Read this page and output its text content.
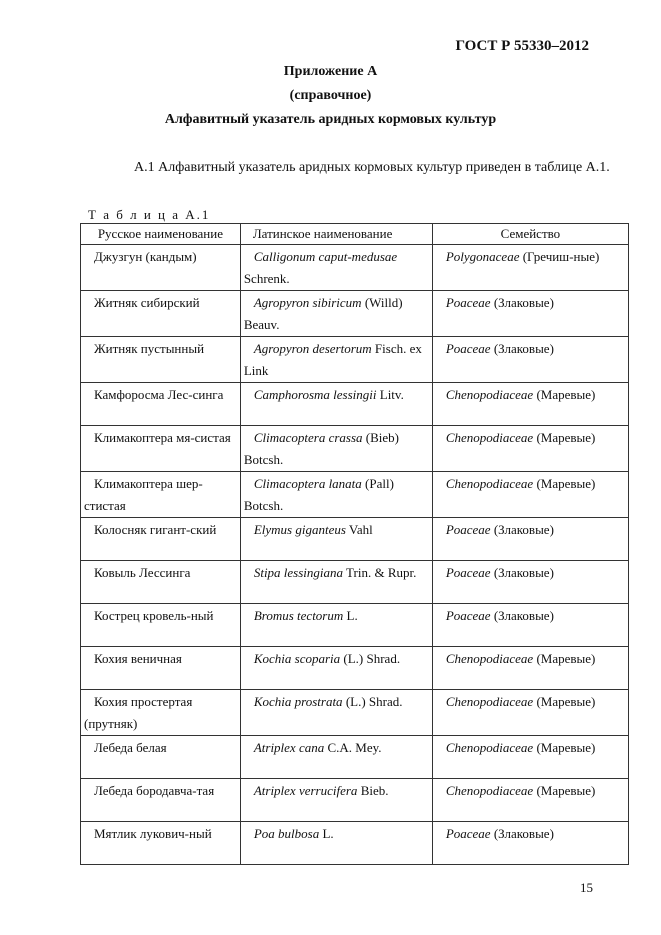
ГОСТ Р 55330–2012
Приложение А
(справочное)
Алфавитный указатель аридных кормовых культур
А.1 Алфавитный указатель аридных кормовых культур приведен в таблице А.1.
Т а б л и ц а А.1
Русское наименование	Латинское наименование	Семейство

Джузгун (кандым)	Calligonum caput-medusae Schrenk.	Polygonaceae (Гречиш-ные)

Житняк сибирский	Agropyron sibiricum (Willd) Beauv.	Poaceae (Злаковые)

Житняк пустынный	Agropyron desertorum Fisch. ex Link	Poaceae (Злаковые)

Камфоросма Лес-синга	Camphorosma lessingii Litv.	Chenopodiaceae (Маревые)

Климакоптера мя-систая	Climacoptera crassa (Bieb) Botcsh.	Chenopodiaceae (Маревые)

Климакоптера шер-стистая	Climacoptera lanata (Pall) Botcsh.	Chenopodiaceae (Маревые)

Колосняк гигант-ский	Elymus giganteus Vahl	Poaceae (Злаковые)

Ковыль Лессинга	Stipa lessingiana Trin. & Rupr.	Poaceae (Злаковые)

Кострец кровель-ный	Bromus tectorum L.	Poaceae (Злаковые)

Кохия веничная	Kochia scoparia (L.) Shrad.	Chenopodiaceae (Маревые)

Кохия простертая (прутняк)	Kochia prostrata (L.) Shrad.	Chenopodiaceae (Маревые)

Лебеда белая	Atriplex cana C.A. Mey.	Chenopodiaceae (Маревые)

Лебеда бородавча-тая	Atriplex verrucifera Bieb.	Chenopodiaceae (Маревые)

Мятлик лукович-ный	Poa bulbosa L.	Poaceae (Злаковые)
15
